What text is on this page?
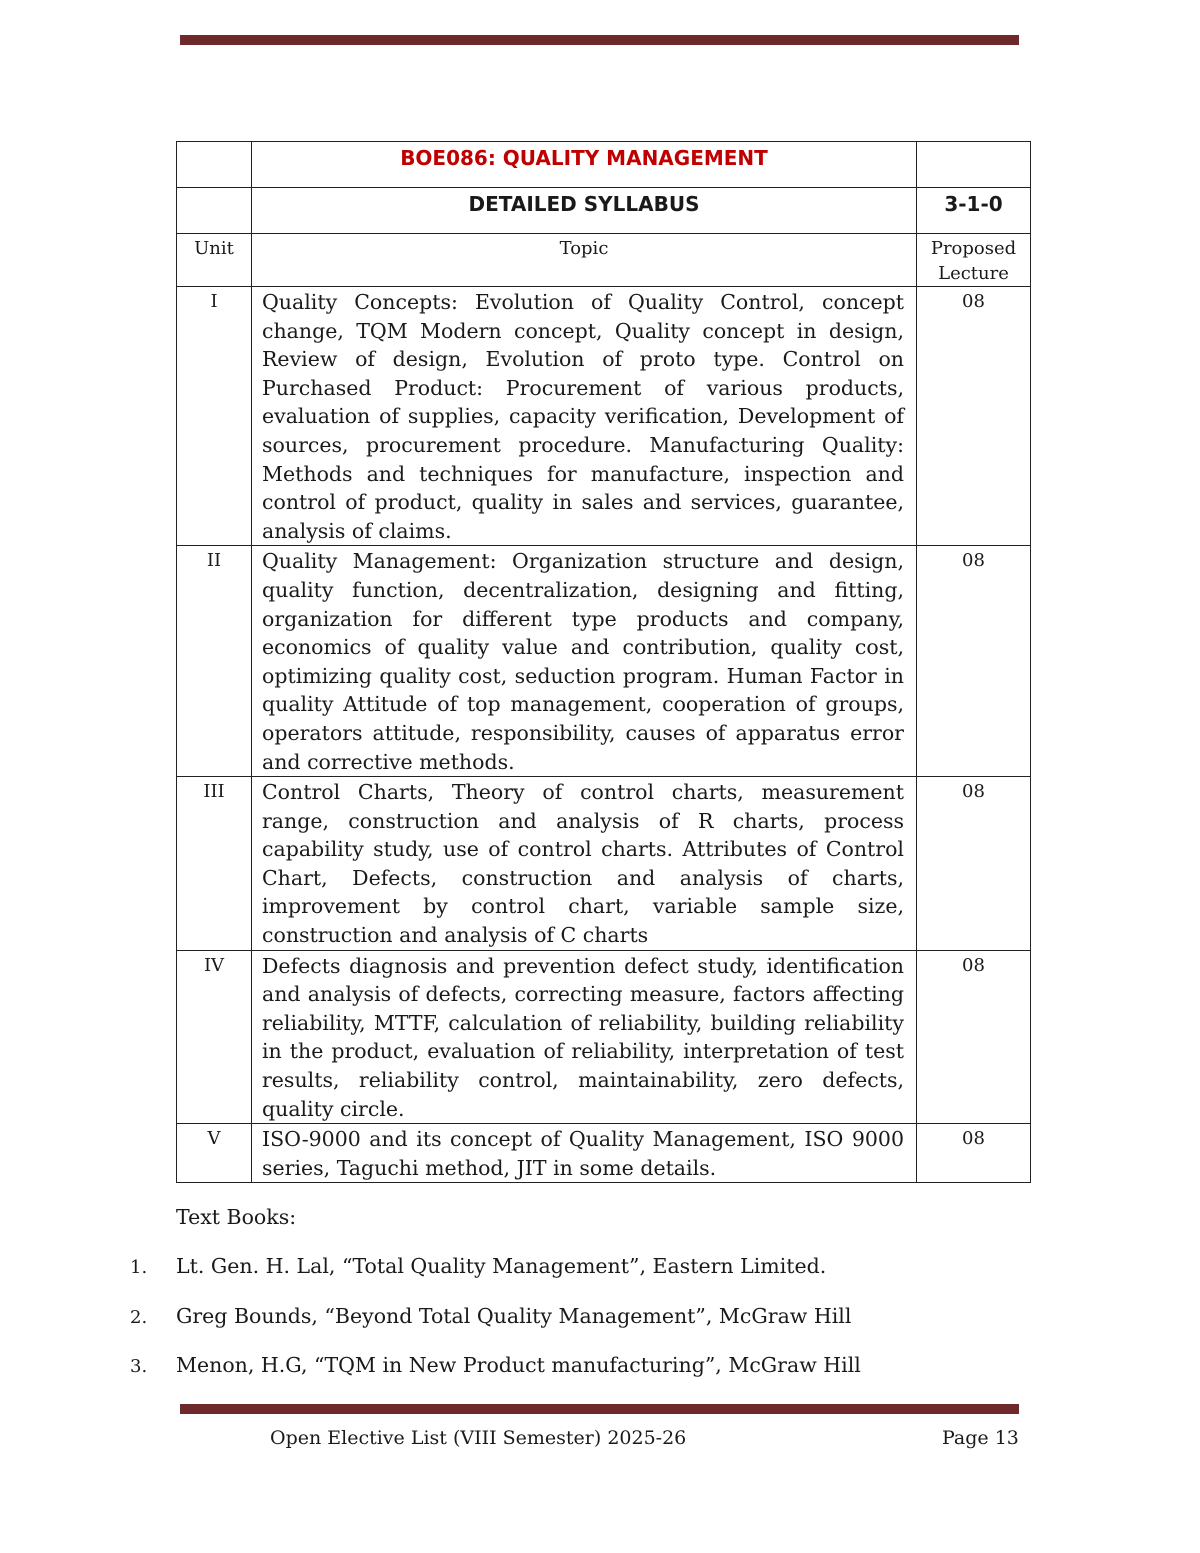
	BOE086: QUALITY MANAGEMENT	

	DETAILED SYLLABUS	3-1-0

Unit	Topic	Proposed Lecture
I	Quality Concepts: Evolution of Quality Control, concept change, TQM Modern concept, Quality concept in design, Review of design, Evolution of proto type. Control on Purchased Product: Procurement of various products, evaluation of supplies, capacity verification, Development of sources, procurement procedure. Manufacturing Quality: Methods and techniques for manufacture, inspection and control of product, quality in sales and services, guarantee, analysis of claims.	08
II	Quality Management: Organization structure and design, quality function, decentralization, designing and fitting, organization for different type products and company, economics of quality value and contribution, quality cost, optimizing quality cost, seduction program. Human Factor in quality Attitude of top management, cooperation of groups, operators attitude, responsibility, causes of apparatus error and corrective methods.	08
III	Control Charts, Theory of control charts, measurement range, construction and analysis of R charts, process capability study, use of control charts. Attributes of Control Chart, Defects, construction and analysis of charts, improvement by control chart, variable sample size, construction and analysis of C charts	08
IV	Defects diagnosis and prevention defect study, identification and analysis of defects, correcting measure, factors affecting reliability, MTTF, calculation of reliability, building reliability in the product, evaluation of reliability, interpretation of test results, reliability control, maintainability, zero defects, quality circle.	08
V	ISO-9000 and its concept of Quality Management, ISO 9000 series, Taguchi method, JIT in some details.	08
Text Books:
1. Lt. Gen. H. Lal, “Total Quality Management”, Eastern Limited.
2. Greg Bounds, “Beyond Total Quality Management”, McGraw Hill
3. Menon, H.G, “TQM in New Product manufacturing”, McGraw Hill
Open Elective List (VIII Semester) 2025-26	Page 13
